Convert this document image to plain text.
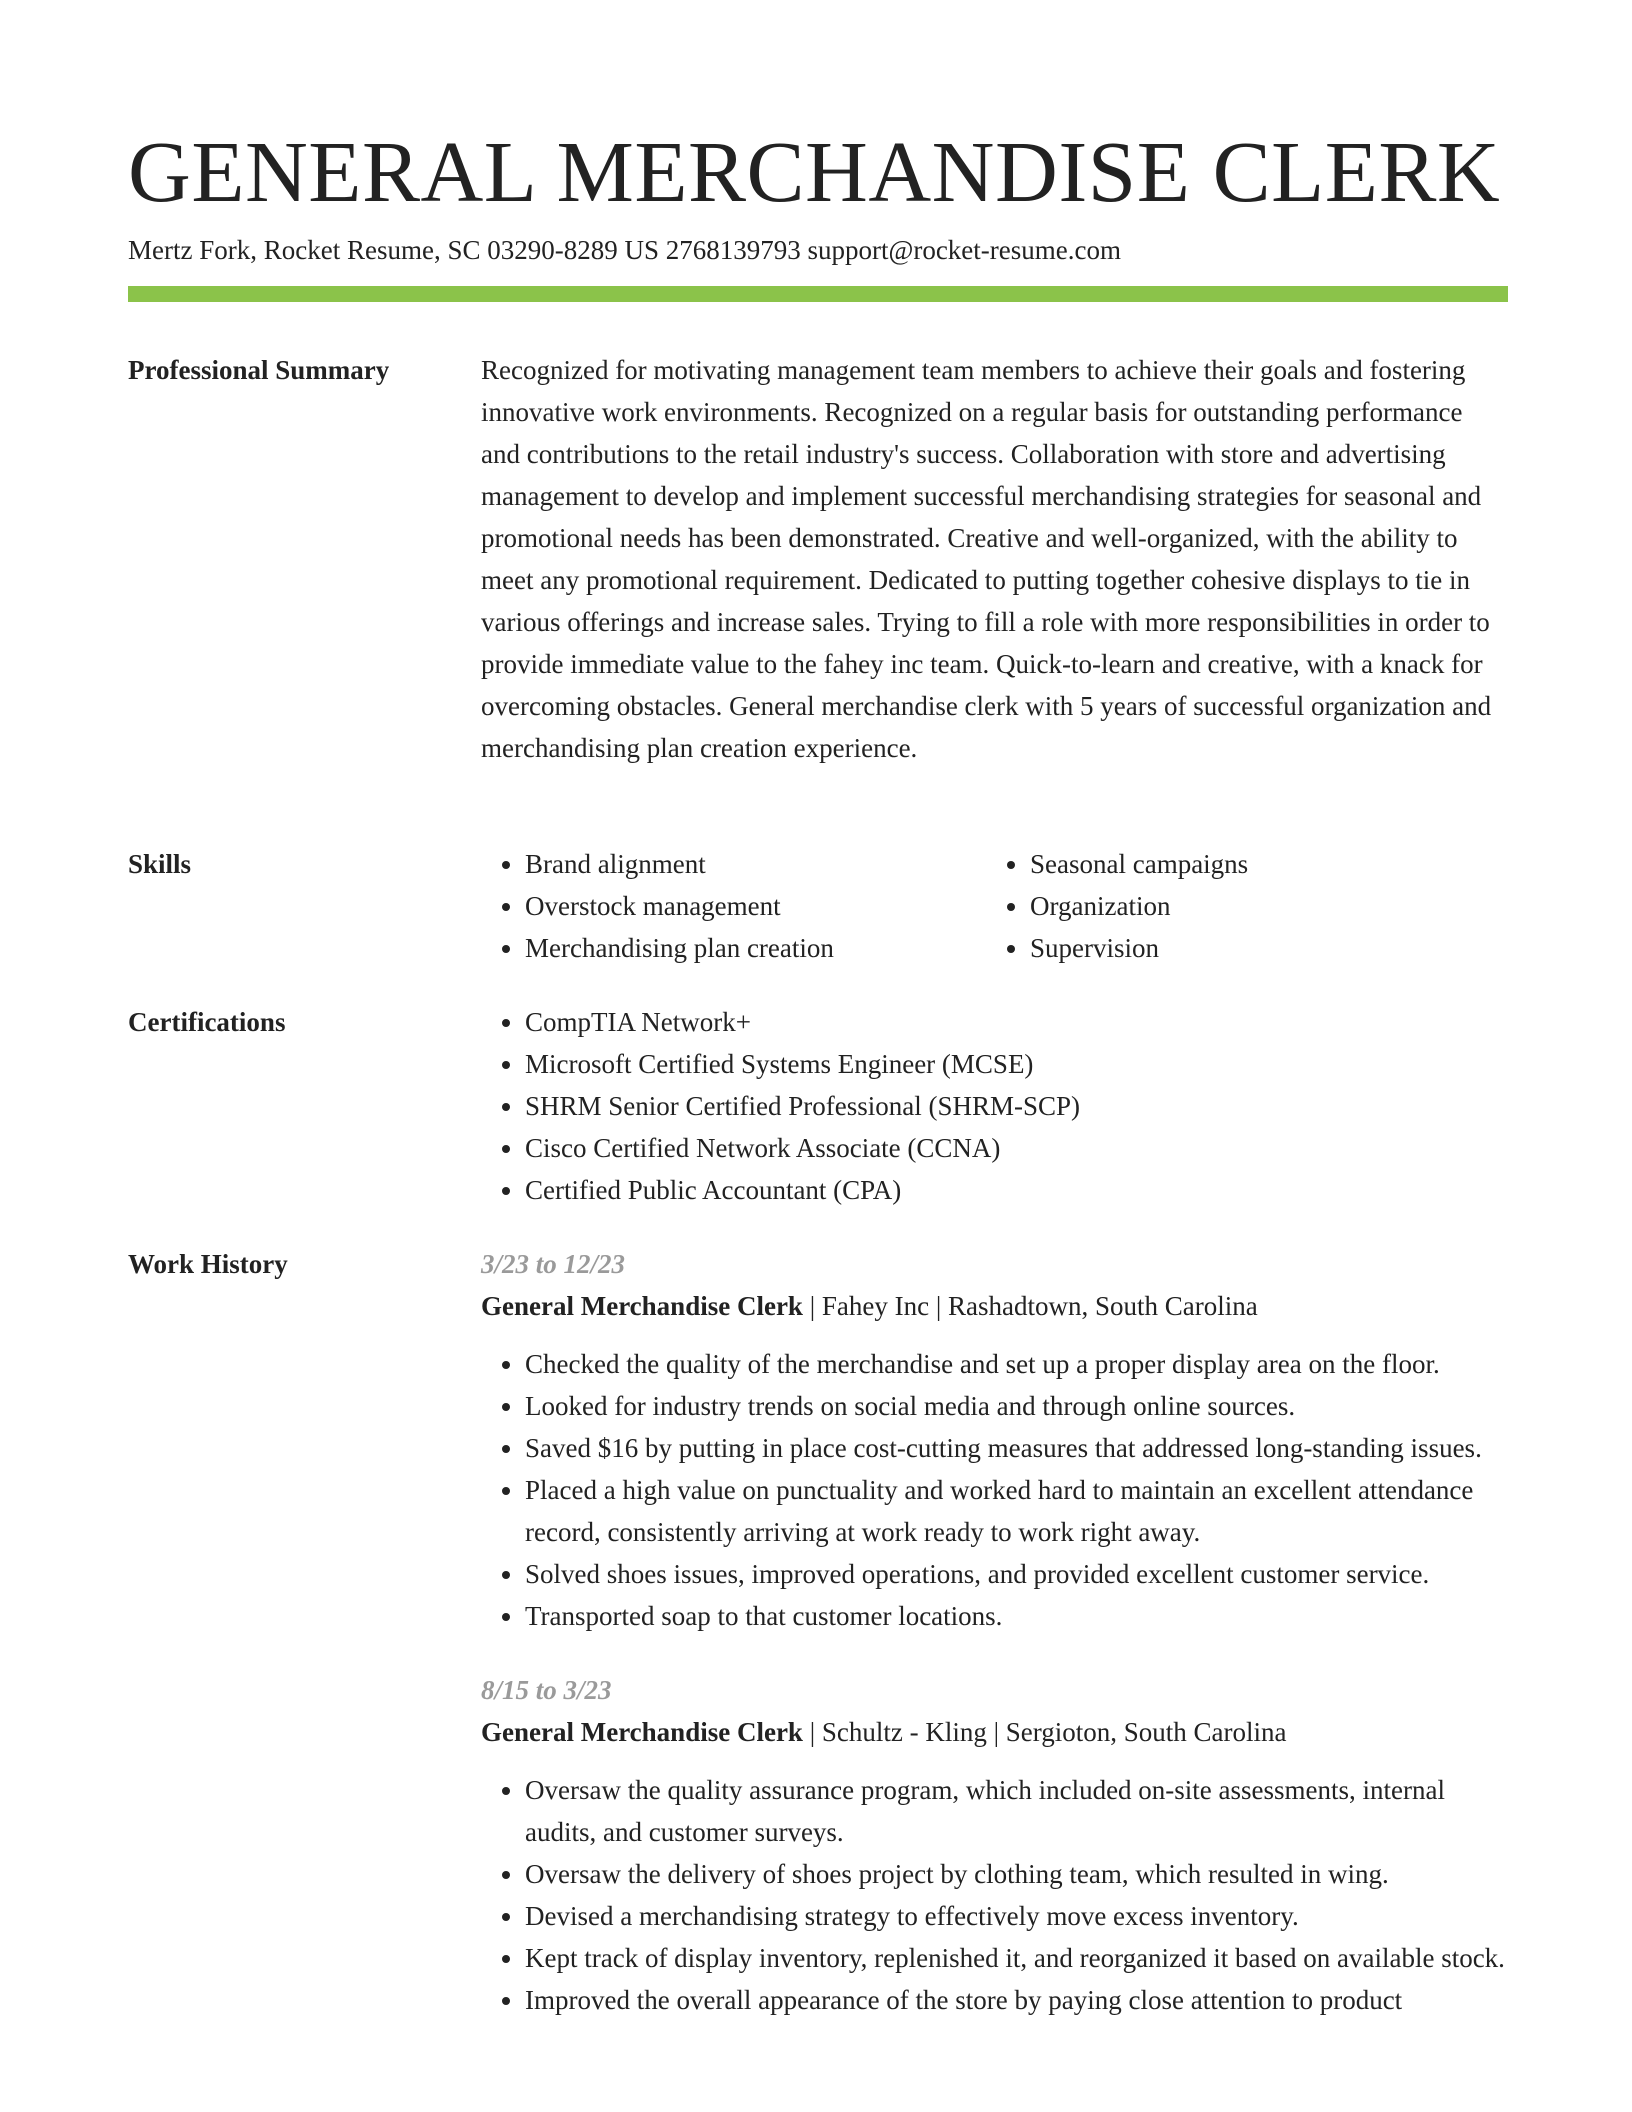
GENERAL MERCHANDISE CLERK
Mertz Fork, Rocket Resume, SC 03290-8289 US 2768139793 support@rocket-resume.com
Professional Summary	Recognized for motivating management team members to achieve their goals and fostering innovative work environments. Recognized on a regular basis for outstanding performance and contributions to the retail industry's success. Collaboration with store and advertising management to develop and implement successful merchandising strategies for seasonal and promotional needs has been demonstrated. Creative and well-organized, with the ability to meet any promotional requirement. Dedicated to putting together cohesive displays to tie in various offerings and increase sales. Trying to fill a role with more responsibilities in order to provide immediate value to the fahey inc team. Quick-to-learn and creative, with a knack for overcoming obstacles. General merchandise clerk with 5 years of successful organization and merchandising plan creation experience.

Skills	• Brand alignment
• Overstock management
• Merchandising plan creation
• Seasonal campaigns
• Organization
• Supervision
Certifications	• CompTIA Network+
• Microsoft Certified Systems Engineer (MCSE)
• SHRM Senior Certified Professional (SHRM-SCP)
• Cisco Certified Network Associate (CCNA)
• Certified Public Accountant (CPA)
Work History	3/23 to 12/23
General Merchandise Clerk | Fahey Inc | Rashadtown, South Carolina
• Checked the quality of the merchandise and set up a proper display area on the floor.
• Looked for industry trends on social media and through online sources.
• Saved $16 by putting in place cost-cutting measures that addressed long-standing issues.
• Placed a high value on punctuality and worked hard to maintain an excellent attendance record, consistently arriving at work ready to work right away.
• Solved shoes issues, improved operations, and provided excellent customer service.
• Transported soap to that customer locations.
8/15 to 3/23
General Merchandise Clerk | Schultz - Kling | Sergioton, South Carolina
• Oversaw the quality assurance program, which included on-site assessments, internal audits, and customer surveys.
• Oversaw the delivery of shoes project by clothing team, which resulted in wing.
• Devised a merchandising strategy to effectively move excess inventory.
• Kept track of display inventory, replenished it, and reorganized it based on available stock.
• Improved the overall appearance of the store by paying close attention to product
